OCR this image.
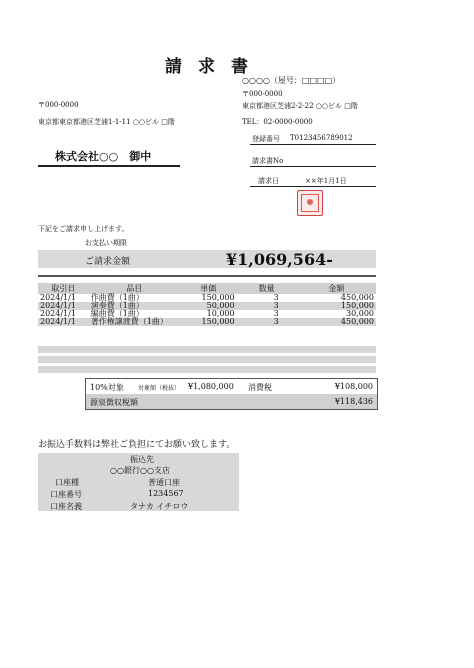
請求書
○○○○（屋号：□□□□）
〒000-0000
東京都港区芝浦2-2-22 ○○ビル □階
TEL：02-0000-0000
登録番号 T0123456789012
請求書No
請求日	××年1月1日
〒000-0000
東京都東京都港区芝浦1-1-11 ○○ビル □階
株式会社○○　御中
下記をご請求申し上げます。
お支払い期限
ご請求金額	¥1,069,564-
取引日	品目	単価	数量	金額
2024/1/1	作曲費（1曲）	150,000	3	450,000
2024/1/1	演奏費（1曲）	50,000	3	150,000
2024/1/1	編曲費（1曲）	10,000	3	30,000
2024/1/1	著作権譲渡費（1曲）	150,000	3	450,000
10%対象 対象額（税抜） ¥1,080,000 消費税	¥108,000
源泉徴収税額	¥118,436
お振込手数料は弊社ご負担にてお願い致します。
振込先
○○銀行○○支店
口座種	普通口座
口座番号	1234567
口座名義	タナカ イチロウ
